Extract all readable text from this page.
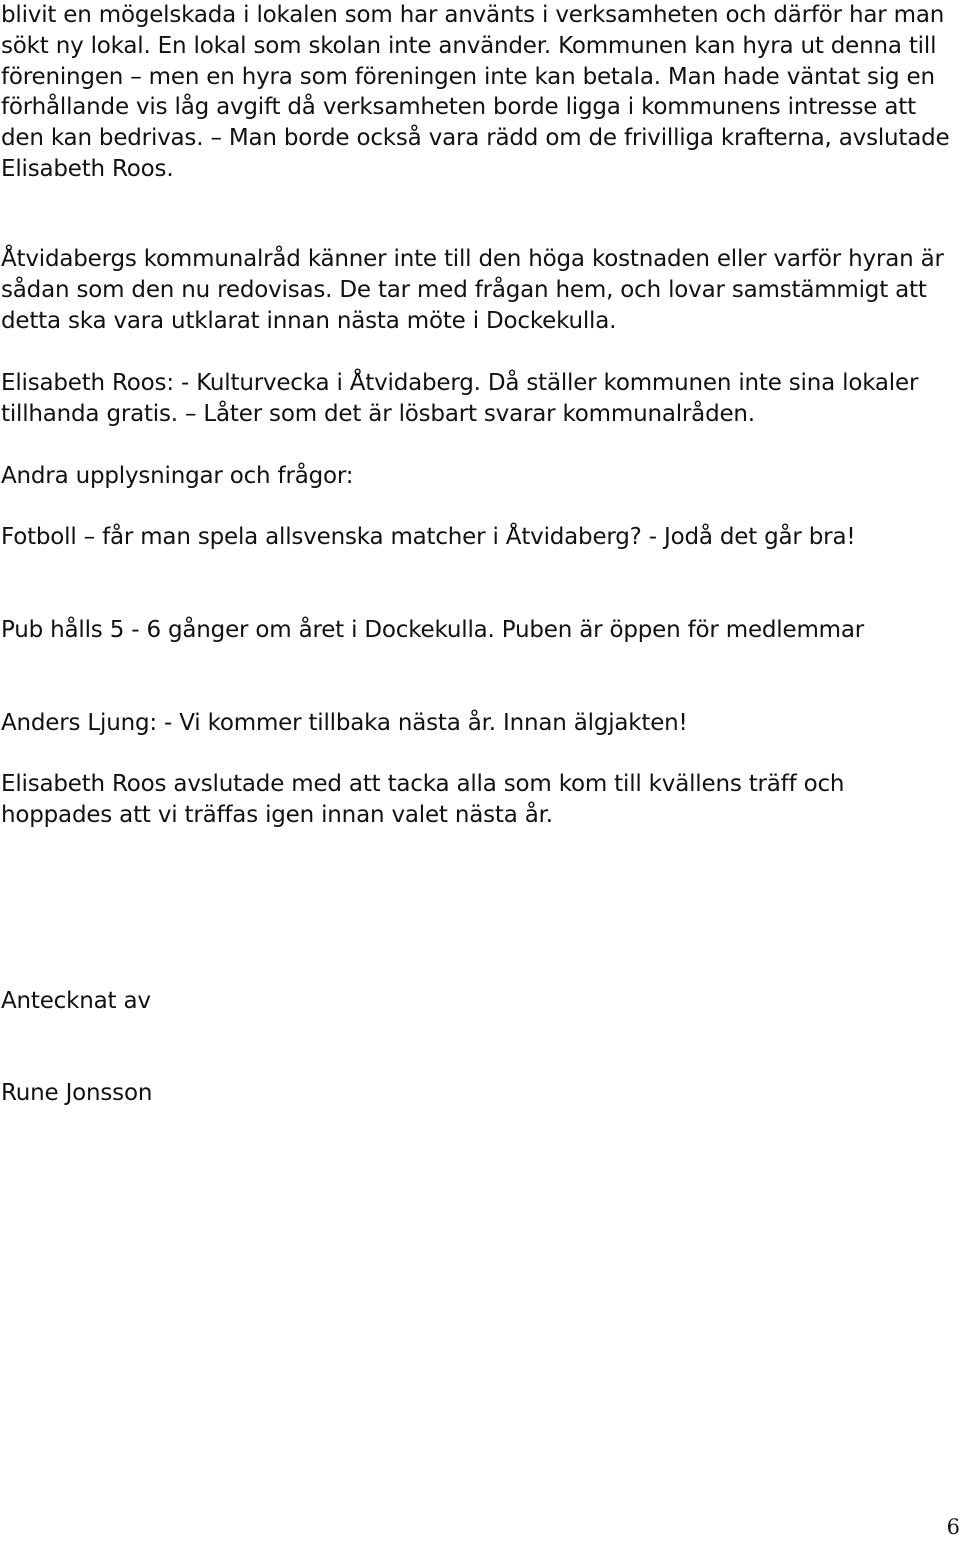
blivit en mögelskada i lokalen som har använts i verksamheten och därför har man sökt ny lokal. En lokal som skolan inte använder. Kommunen kan hyra ut denna till föreningen – men en hyra som föreningen inte kan betala. Man hade väntat sig en förhållande vis låg avgift då verksamheten borde ligga i kommunens intresse att den kan bedrivas. – Man borde också vara rädd om de frivilliga krafterna, avslutade Elisabeth Roos.

Åtvidabergs kommunalråd känner inte till den höga kostnaden eller varför hyran är sådan som den nu redovisas. De tar med frågan hem, och lovar samstämmigt att detta ska vara utklarat innan nästa möte i Dockekulla.

Elisabeth Roos: - Kulturvecka i Åtvidaberg. Då ställer kommunen inte sina lokaler tillhanda gratis. – Låter som det är lösbart svarar kommunalråden.

Andra upplysningar och frågor:

Fotboll – får man spela allsvenska matcher i Åtvidaberg? - Jodå det går bra!

Pub hålls 5 - 6 gånger om året i Dockekulla. Puben är öppen för medlemmar

Anders Ljung: - Vi kommer tillbaka nästa år. Innan älgjakten!

Elisabeth Roos avslutade med att tacka alla som kom till kvällens träff och hoppades att vi träffas igen innan valet nästa år.

Antecknat av

Rune Jonsson

6
